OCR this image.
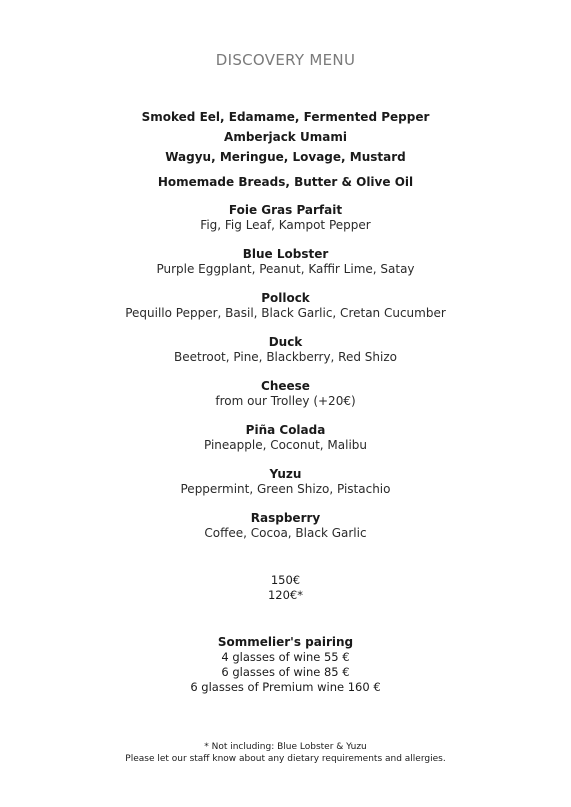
DISCOVERY MENU
Smoked Eel, Edamame, Fermented Pepper
Amberjack Umami
Wagyu, Meringue, Lovage, Mustard
Homemade Breads, Butter & Olive Oil
Foie Gras Parfait
Fig, Fig Leaf, Kampot Pepper
Blue Lobster
Purple Eggplant, Peanut, Kaffir Lime, Satay
Pollock
Pequillo Pepper, Basil, Black Garlic, Cretan Cucumber
Duck
Beetroot, Pine, Blackberry, Red Shizo
Cheese
from our Trolley (+20€)
Piña Colada
Pineapple, Coconut, Malibu
Yuzu
Peppermint, Green Shizo, Pistachio
Raspberry
Coffee, Cocoa, Black Garlic
150€
120€*
Sommelier's pairing
4 glasses of wine 55 €
6 glasses of wine 85 €
6 glasses of Premium wine 160 €
* Not including: Blue Lobster & Yuzu
Please let our staff know about any dietary requirements and allergies.
